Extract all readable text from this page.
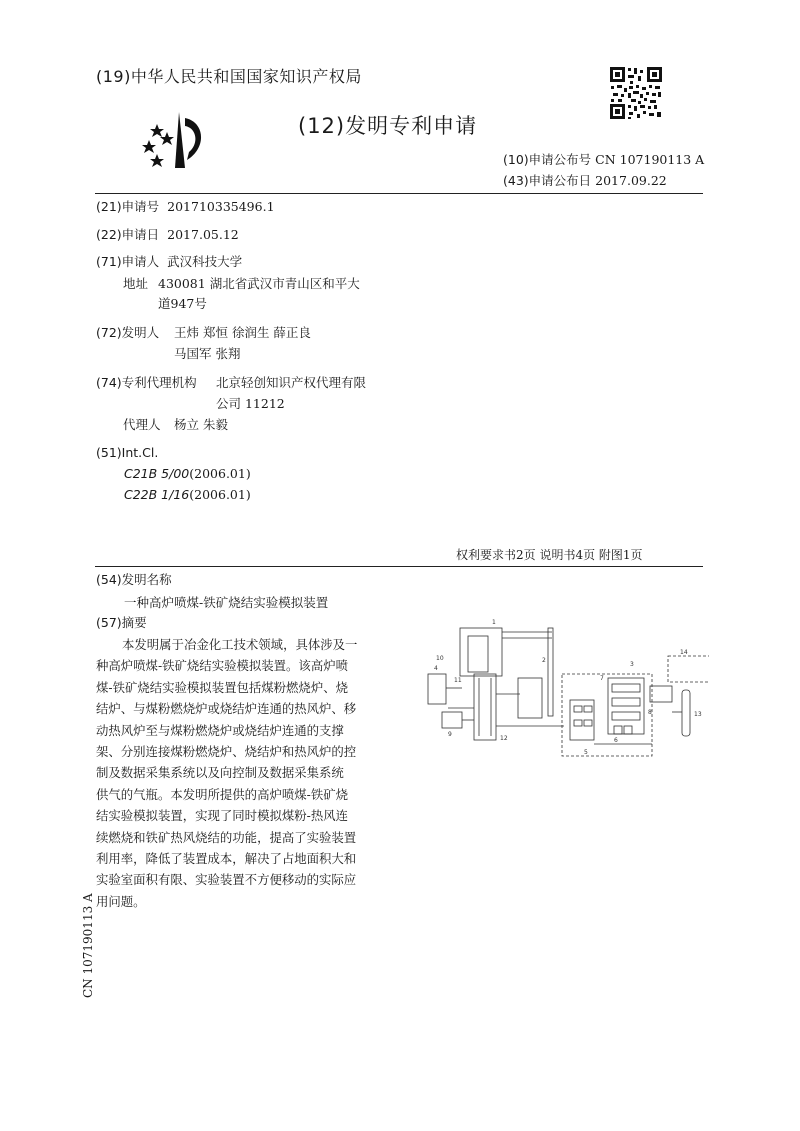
(19)中华人民共和国国家知识产权局
(12)发明专利申请
(10)申请公布号 CN 107190113 A
(43)申请公布日 2017.09.22
(21)申请号 201710335496.1
(22)申请日 2017.05.12
(71)申请人 武汉科技大学
地址 430081 湖北省武汉市青山区和平大
道947号
(72)发明人 王炜 郑恒 徐润生 薛正良
马国军 张翔
(74)专利代理机构 北京轻创知识产权代理有限
公司 11212
代理人 杨立 朱毅
(51)Int.Cl.
C21B 5/00(2006.01)
C22B 1/16(2006.01)
权利要求书2页 说明书4页 附图1页
(54)发明名称
一种高炉喷煤-铁矿烧结实验模拟装置
(57)摘要
本发明属于冶金化工技术领域，具体涉及一
种高炉喷煤-铁矿烧结实验模拟装置。该高炉喷
煤-铁矿烧结实验模拟装置包括煤粉燃烧炉、烧
结炉、与煤粉燃烧炉或烧结炉连通的热风炉、移
动热风炉至与煤粉燃烧炉或烧结炉连通的支撑
架、分别连接煤粉燃烧炉、烧结炉和热风炉的控
制及数据采集系统以及向控制及数据采集系统
供气的气瓶。本发明所提供的高炉喷煤-铁矿烧
结实验模拟装置，实现了同时模拟煤粉-热风连
续燃烧和铁矿热风烧结的功能，提高了实验装置
利用率，降低了装置成本，解决了占地面积大和
实验室面积有限、实验装置不方便移动的实际应
用问题。
1
2
3
4
5
6
7
8
9
10
11
12
13
14
CN 107190113 A
